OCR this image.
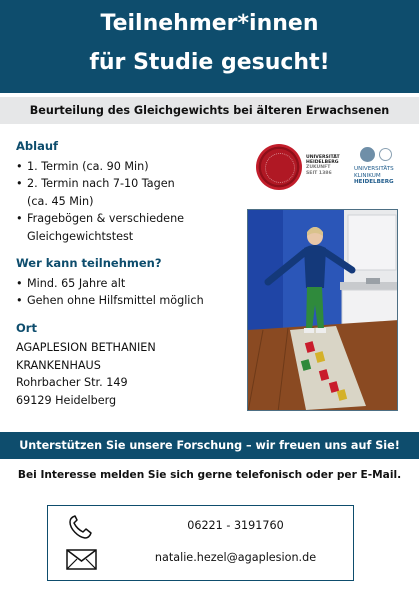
Teilnehmer*innen
für Studie gesucht!
Beurteilung des Gleichgewichts bei älteren Erwachsenen
Ablauf
• 1. Termin (ca. 90 Min)
• 2. Termin nach 7-10 Tagen
(ca. 45 Min)
• Fragebögen & verschiedene
Gleichgewichtstest
Wer kann teilnehmen?
• Mind. 65 Jahre alt
• Gehen ohne Hilfsmittel möglich
Ort
AGAPLESION BETHANIEN
KRANKENHAUS
Rohrbacher Str. 149
69129 Heidelberg
UNIVERSITÄT
HEIDELBERG
ZUKUNFT
SEIT 1386
UNIVERSITÄTS
KLINIKUM
HEIDELBERG
Unterstützen Sie unsere Forschung – wir freuen uns auf Sie!
Bei Interesse melden Sie sich gerne telefonisch oder per E-Mail.
06221 - 3191760
natalie.hezel@agaplesion.de
